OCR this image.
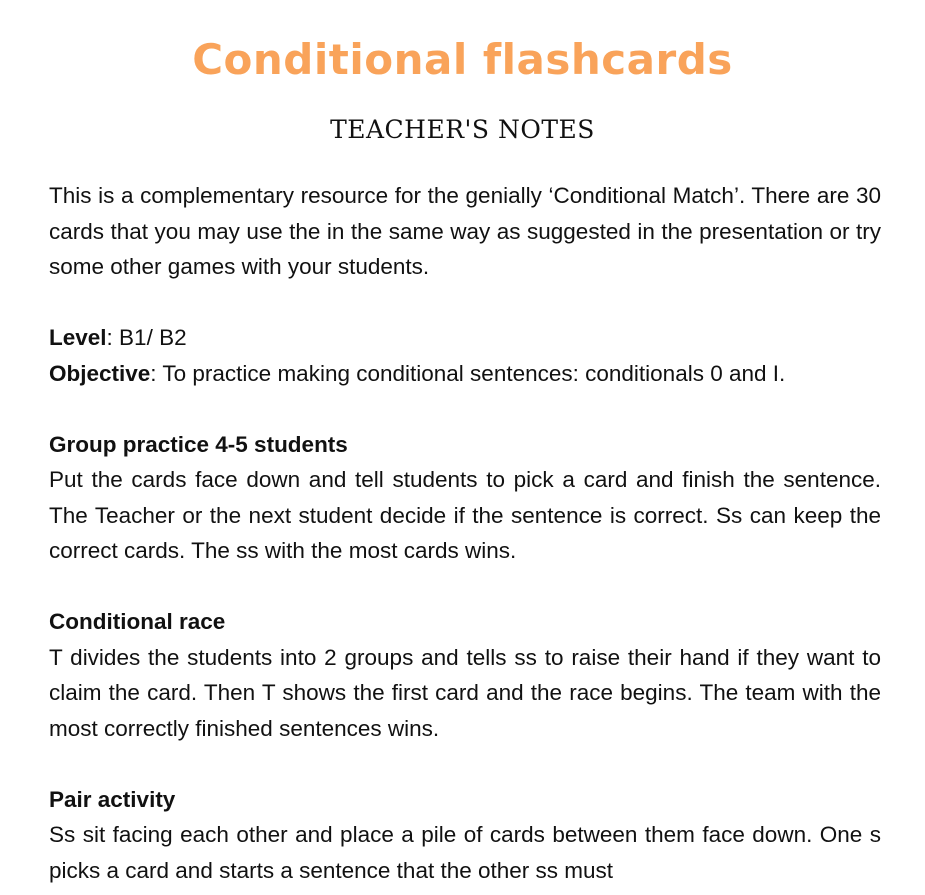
Conditional flashcards
TEACHER'S NOTES

This is a complementary resource for the genially ‘Conditional Match’. There are 30 cards that you may use the in the same way as suggested in the presentation or try some other games with your students.

Level: B1/ B2

Objective: To practice making conditional sentences: conditionals 0 and I.

Group practice 4-5 students

Put the cards face down and tell students to pick a card and finish the sentence. The Teacher or the next student decide if the sentence is correct. Ss can keep the correct cards. The ss with the most cards wins.

Conditional race

T divides the students into 2 groups and tells ss to raise their hand if they want to claim the card. Then T shows the first card and the race begins. The team with the most correctly finished sentences wins.

Pair activity

Ss sit facing each other and place a pile of cards between them face down. One s picks a card and starts a sentence that the other ss must
